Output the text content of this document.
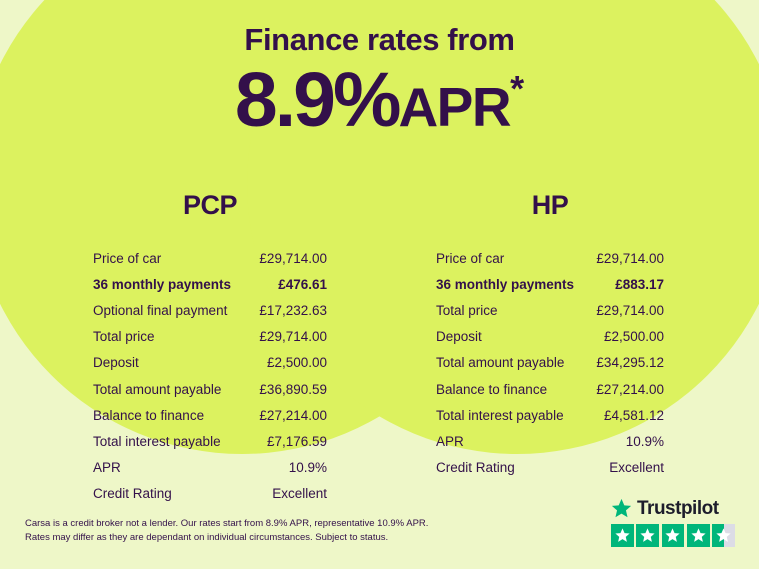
Finance rates from
8.9%APR*
PCP
Price of car	£29,714.00
36 monthly payments	£476.61
Optional final payment £17,232.63
Total price	£29,714.00
Deposit	£2,500.00
Total amount payable	£36,890.59
Balance to finance	£27,214.00
Total interest payable	£7,176.59
APR	10.9%
Credit Rating	Excellent
HP
Price of car	£29,714.00
36 monthly payments	£883.17
Total price	£29,714.00
Deposit	£2,500.00
Total amount payable £34,295.12
Balance to finance	£27,214.00
Total interest payable	£4,581.12
APR	10.9%
Credit Rating	Excellent
Carsa is a credit broker not a lender. Our rates start from 8.9% APR, representative 10.9% APR. Rates may differ as they are dependant on individual circumstances. Subject to status.
Trustpilot
